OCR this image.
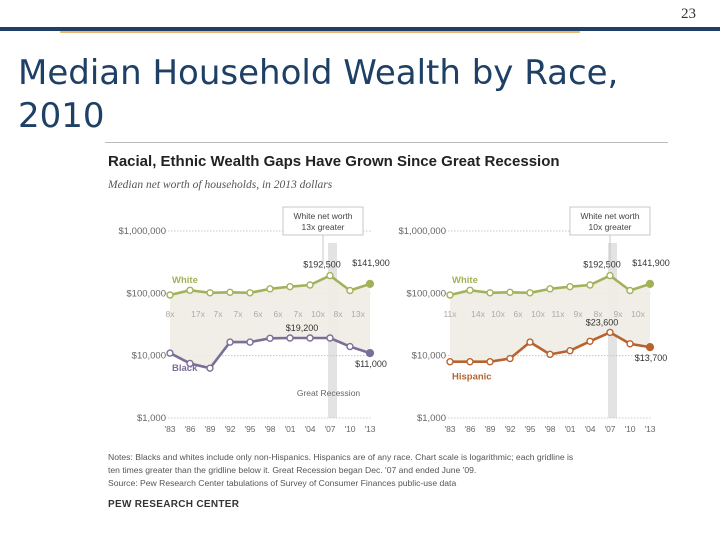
23
Median Household Wealth by Race, 2010
Racial, Ethnic Wealth Gaps Have Grown Since Great Recession
Median net worth of households, in 2013 dollars
Great Recession
$1,000,000
$100,000
$10,000
$1,000
'83 '86 '89 '92 '95 '98 '01 '04 '07 '10 '13
8x 17x 7x 7x 6x 6x 7x 10x 8x 13x
White
$192,500 $141,900
Black
$19,200
$11,000
White net worth
13x greater	$1,000,000
$100,000
$10,000
$1,000
'83 '86 '89 '92 '95 '98 '01 '04 '07 '10 '13
11x 14x 10x 6x 10x 11x 9x 8x 9x 10x
White
$192,500 $141,900
Hispanic
$23,600
$13,700
White net worth
10x greater
Notes: Blacks and whites include only non-Hispanics. Hispanics are of any race. Chart scale is logarithmic; each gridline is
ten times greater than the gridline below it. Great Recession began Dec. '07 and ended June '09.
Source: Pew Research Center tabulations of Survey of Consumer Finances public-use data
PEW RESEARCH CENTER
